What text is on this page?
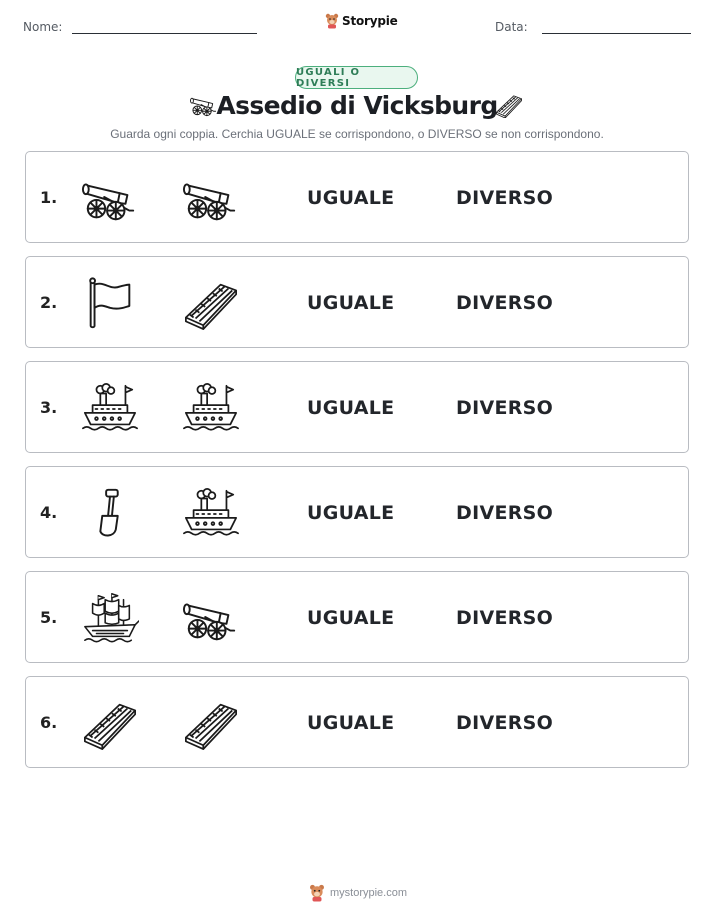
Nome:	Storypie	Data:
UGUALI O DIVERSI
Assedio di Vicksburg
Guarda ogni coppia. Cerchia UGUALE se corrispondono, o DIVERSO se non corrispondono.
1.	UGUALE	DIVERSO
2.	UGUALE	DIVERSO
3.	UGUALE	DIVERSO
4.	UGUALE	DIVERSO
5.	UGUALE	DIVERSO
6.	UGUALE	DIVERSO
mystorypie.com
